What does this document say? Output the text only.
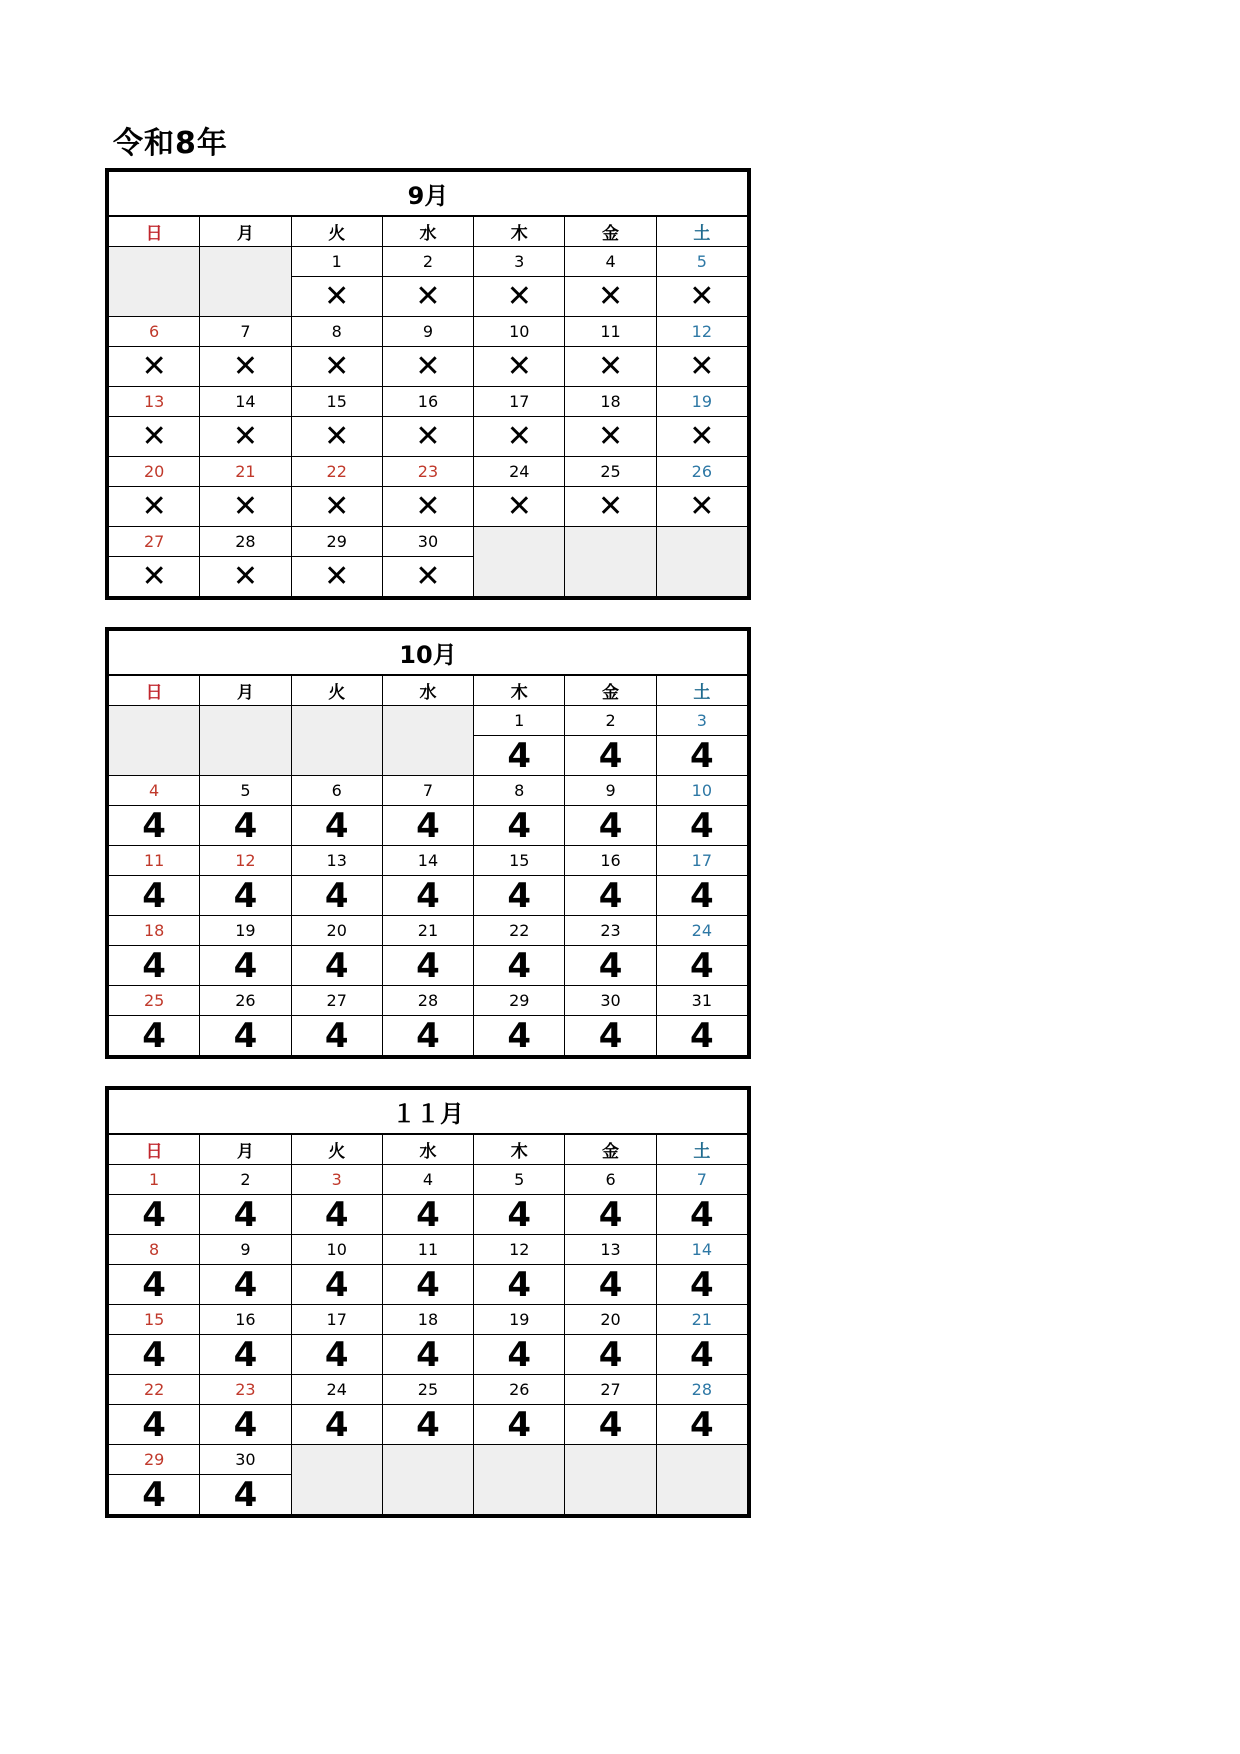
令和8年
9月						
日	月	火	水	木	金	土
		1	2	3	4	5
		✕	✕	✕	✕	✕
6	7	8	9	10	11	12
✕	✕	✕	✕	✕	✕	✕
13	14	15	16	17	18	19
✕	✕	✕	✕	✕	✕	✕
20	21	22	23	24	25	26
✕	✕	✕	✕	✕	✕	✕
27	28	29	30			
✕	✕	✕	✕			
10月						
日	月	火	水	木	金	土
				1	2	3
				4	4	4
4	5	6	7	8	9	10
4	4	4	4	4	4	4
11	12	13	14	15	16	17
4	4	4	4	4	4	4
18	19	20	21	22	23	24
4	4	4	4	4	4	4
25	26	27	28	29	30	31
4	4	4	4	4	4	4
１１月						
日	月	火	水	木	金	土
1	2	3	4	5	6	7
4	4	4	4	4	4	4
8	9	10	11	12	13	14
4	4	4	4	4	4	4
15	16	17	18	19	20	21
4	4	4	4	4	4	4
22	23	24	25	26	27	28
4	4	4	4	4	4	4
29	30					
4	4					
